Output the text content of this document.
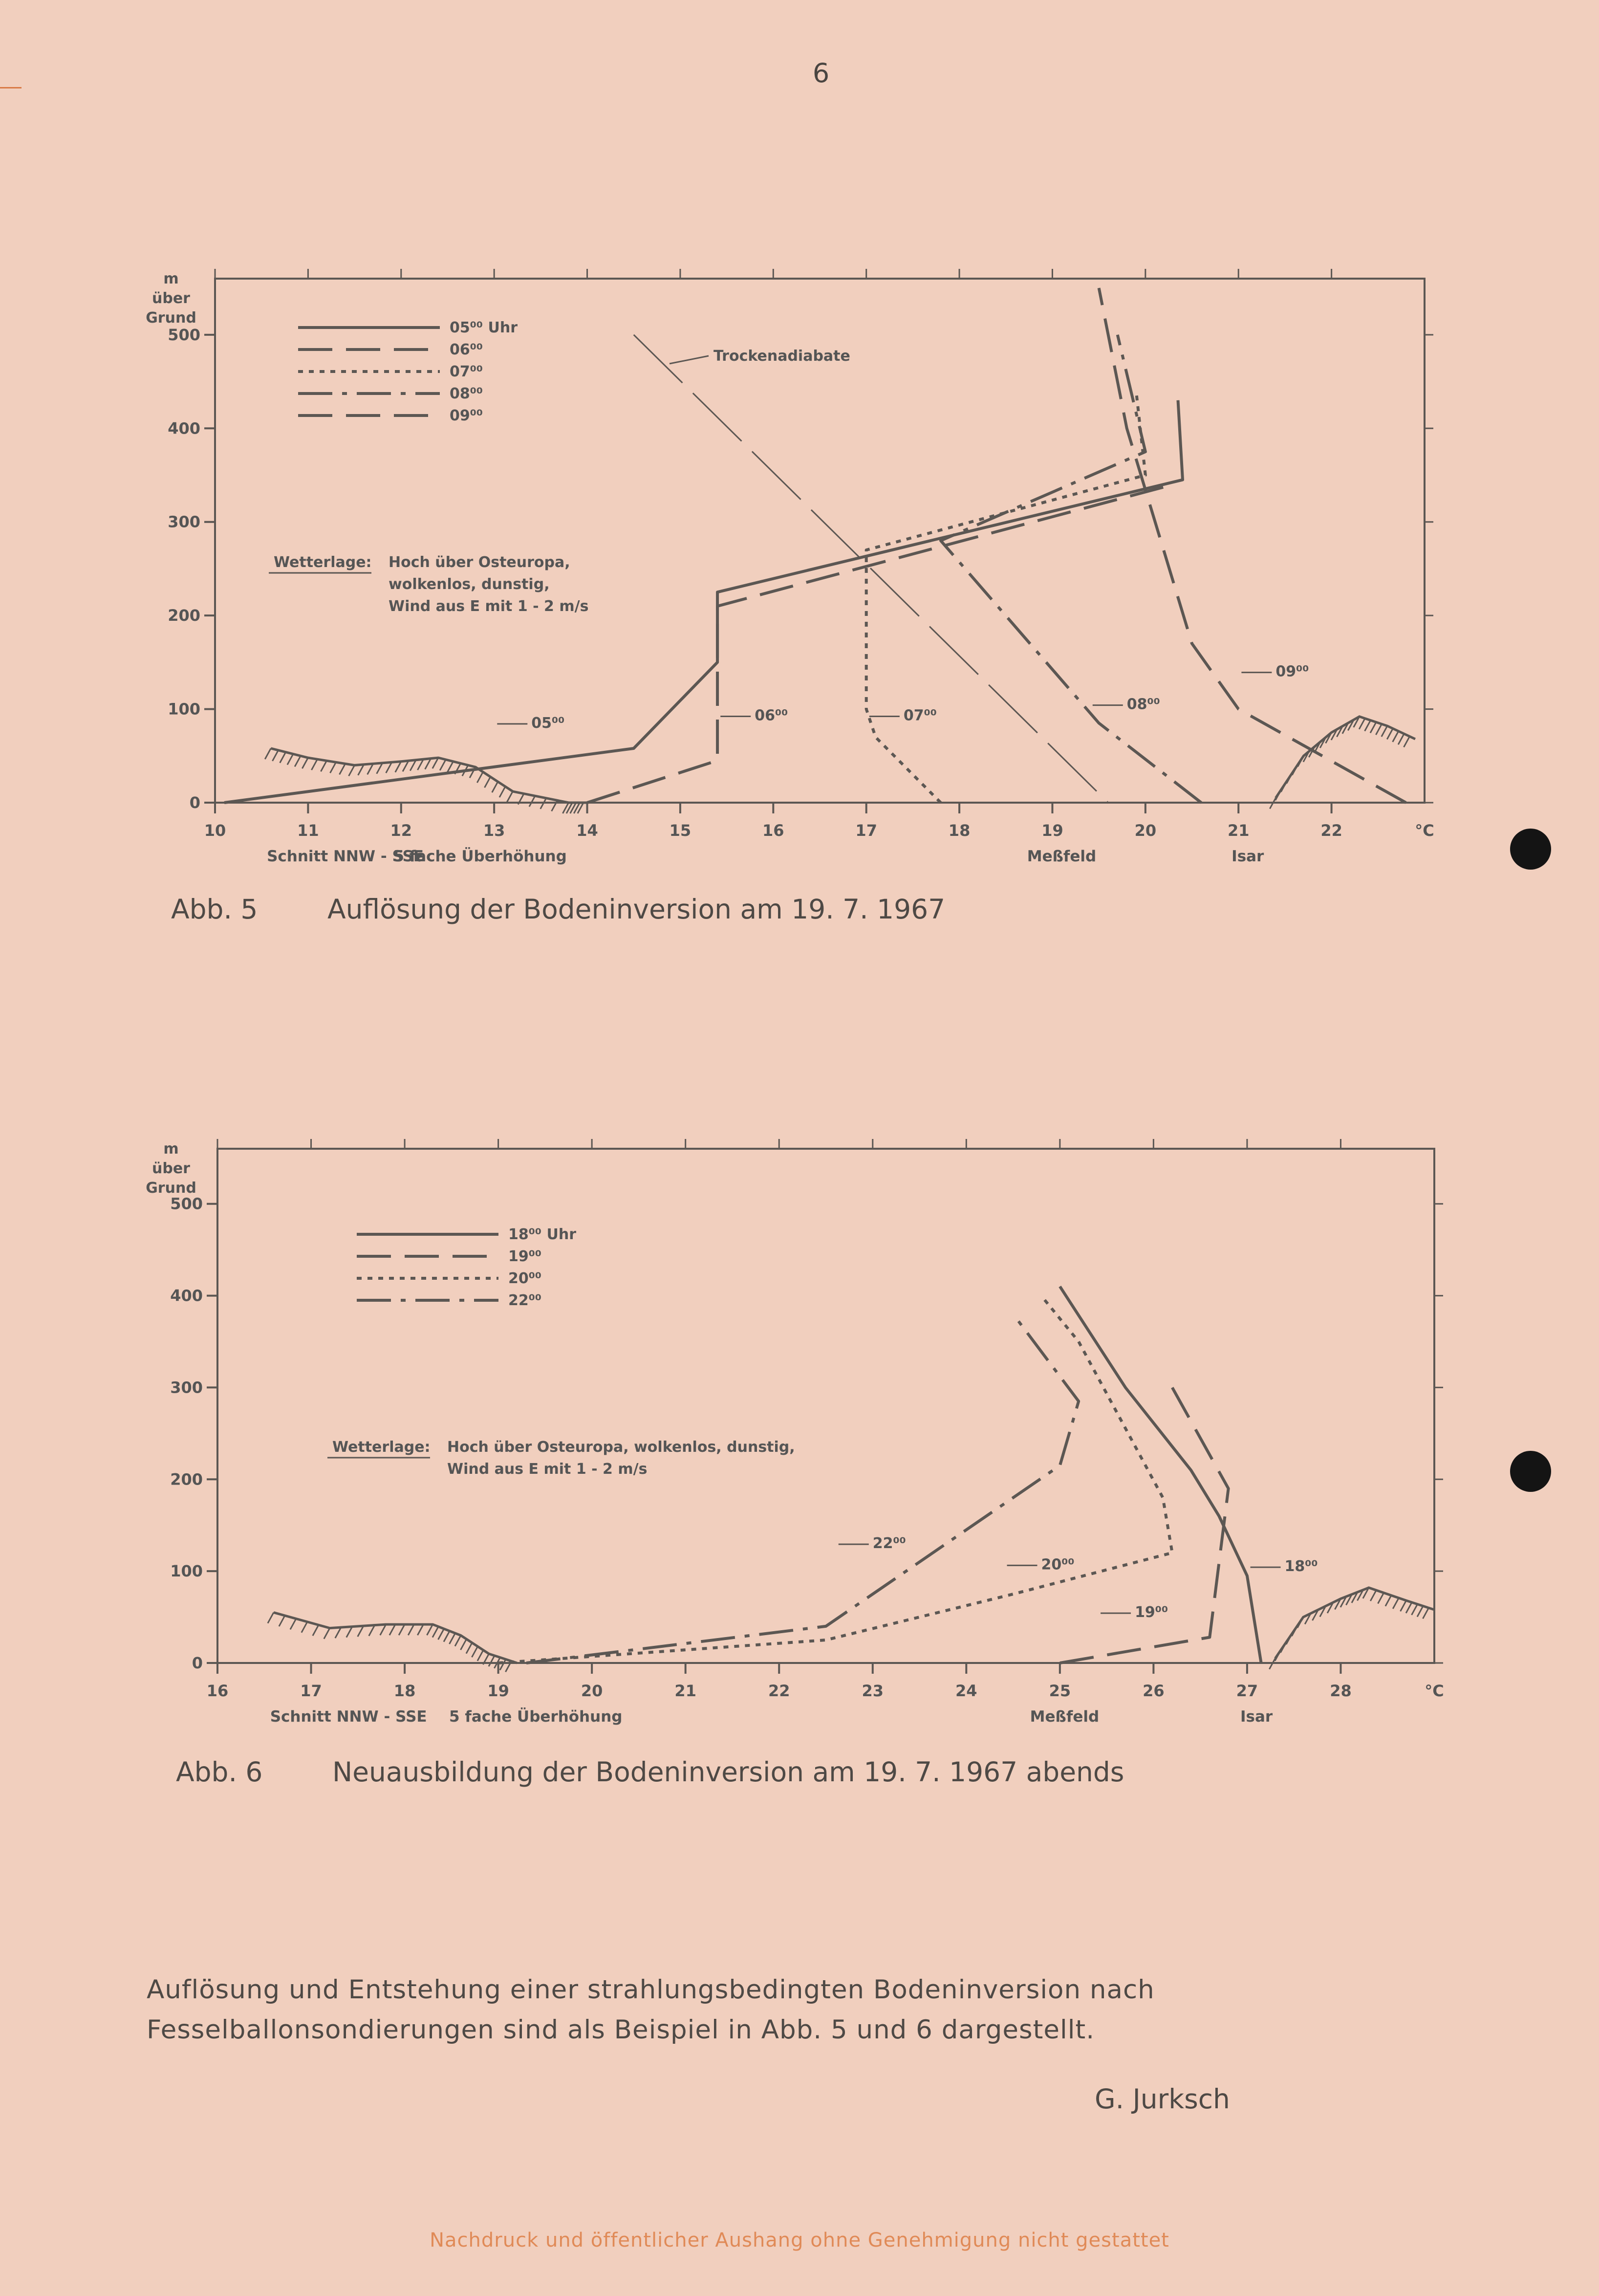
6
m
über
Grund
0
100
200
300
400
500
10	11	12	13	14	15	16	17	18	19	20	21	22	°C
Schnitt NNW - SSE
5 fache Überhöhung	Meßfeld	Isar
Trockenadiabate
05⁰⁰
05⁰⁰ Uhr
06⁰⁰
06⁰⁰
07⁰⁰
07⁰⁰
08⁰⁰
08⁰⁰
09⁰⁰
09⁰⁰
Wetterlage: Hoch über Osteuropa,
wolkenlos, dunstig,
Wind aus E mit 1 - 2 m/s
Abb. 5	Auflösung der Bodeninversion am 19. 7. 1967
m
über
Grund
0
100
200
300
400
500
16	17	18	19	20	21	22	23	24	25	26	27	28	°C
Schnitt NNW - SSE 5 fache Überhöhung	Meßfeld	Isar
18⁰⁰
18⁰⁰ Uhr
19⁰⁰
19⁰⁰
20⁰⁰
20⁰⁰
22⁰⁰
22⁰⁰
Wetterlage: Hoch über Osteuropa, wolkenlos, dunstig,
Wind aus E mit 1 - 2 m/s
Abb. 6	Neuausbildung der Bodeninversion am 19. 7. 1967 abends
Auflösung und Entstehung einer strahlungsbedingten Bodeninversion nach Fesselballonsondierungen sind als Beispiel in Abb. 5 und 6 dargestellt.
G. Jurksch
Nachdruck und öffentlicher Aushang ohne Genehmigung nicht gestattet
